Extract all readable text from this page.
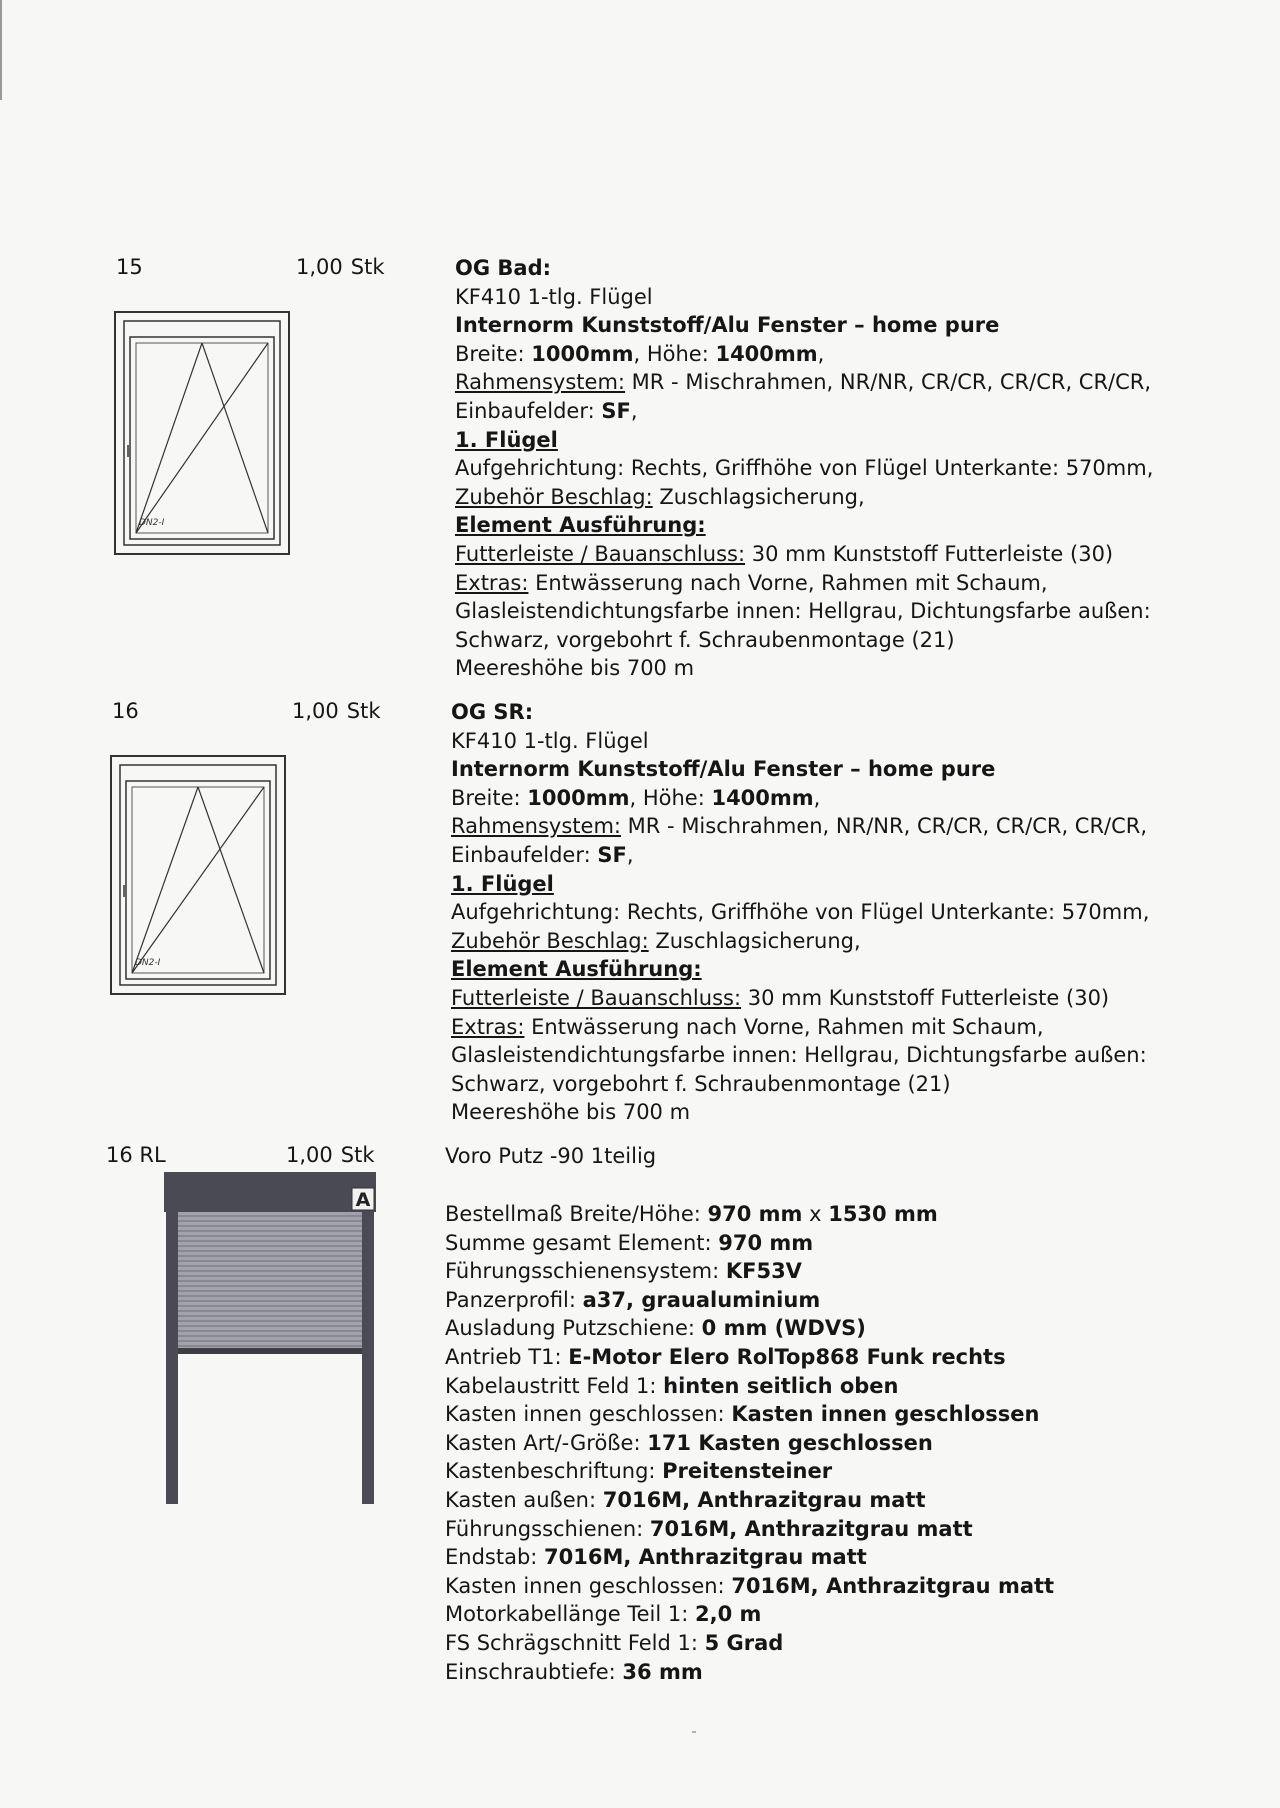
15	1,00 Stk
DN2-I
OG Bad:
KF410 1-tlg. Flügel
Internorm Kunststoff/Alu Fenster – home pure
Breite: 1000mm, Höhe: 1400mm,
Rahmensystem: MR - Mischrahmen, NR/NR, CR/CR, CR/CR, CR/CR,
Einbaufelder: SF,
1. Flügel
Aufgehrichtung: Rechts, Griffhöhe von Flügel Unterkante: 570mm,
Zubehör Beschlag: Zuschlagsicherung,
Element Ausführung:
Futterleiste / Bauanschluss: 30 mm Kunststoff Futterleiste (30)
Extras: Entwässerung nach Vorne, Rahmen mit Schaum,
Glasleistendichtungsfarbe innen: Hellgrau, Dichtungsfarbe außen:
Schwarz, vorgebohrt f. Schraubenmontage (21)
Meereshöhe bis 700 m
16	1,00 Stk
DN2-I
OG SR:
KF410 1-tlg. Flügel
Internorm Kunststoff/Alu Fenster – home pure
Breite: 1000mm, Höhe: 1400mm,
Rahmensystem: MR - Mischrahmen, NR/NR, CR/CR, CR/CR, CR/CR,
Einbaufelder: SF,
1. Flügel
Aufgehrichtung: Rechts, Griffhöhe von Flügel Unterkante: 570mm,
Zubehör Beschlag: Zuschlagsicherung,
Element Ausführung:
Futterleiste / Bauanschluss: 30 mm Kunststoff Futterleiste (30)
Extras: Entwässerung nach Vorne, Rahmen mit Schaum,
Glasleistendichtungsfarbe innen: Hellgrau, Dichtungsfarbe außen:
Schwarz, vorgebohrt f. Schraubenmontage (21)
Meereshöhe bis 700 m
16 RL	1,00 Stk
A
Voro Putz -90 1teilig
Bestellmaß Breite/Höhe: 970 mm x 1530 mm
Summe gesamt Element: 970 mm
Führungsschienensystem: KF53V
Panzerprofil: a37, graualuminium
Ausladung Putzschiene: 0 mm (WDVS)
Antrieb T1: E-Motor Elero RolTop868 Funk rechts
Kabelaustritt Feld 1: hinten seitlich oben
Kasten innen geschlossen: Kasten innen geschlossen
Kasten Art/-Größe: 171 Kasten geschlossen
Kastenbeschriftung: Preitensteiner
Kasten außen: 7016M, Anthrazitgrau matt
Führungsschienen: 7016M, Anthrazitgrau matt
Endstab: 7016M, Anthrazitgrau matt
Kasten innen geschlossen: 7016M, Anthrazitgrau matt
Motorkabellänge Teil 1: 2,0 m
FS Schrägschnitt Feld 1: 5 Grad
Einschraubtiefe: 36 mm
